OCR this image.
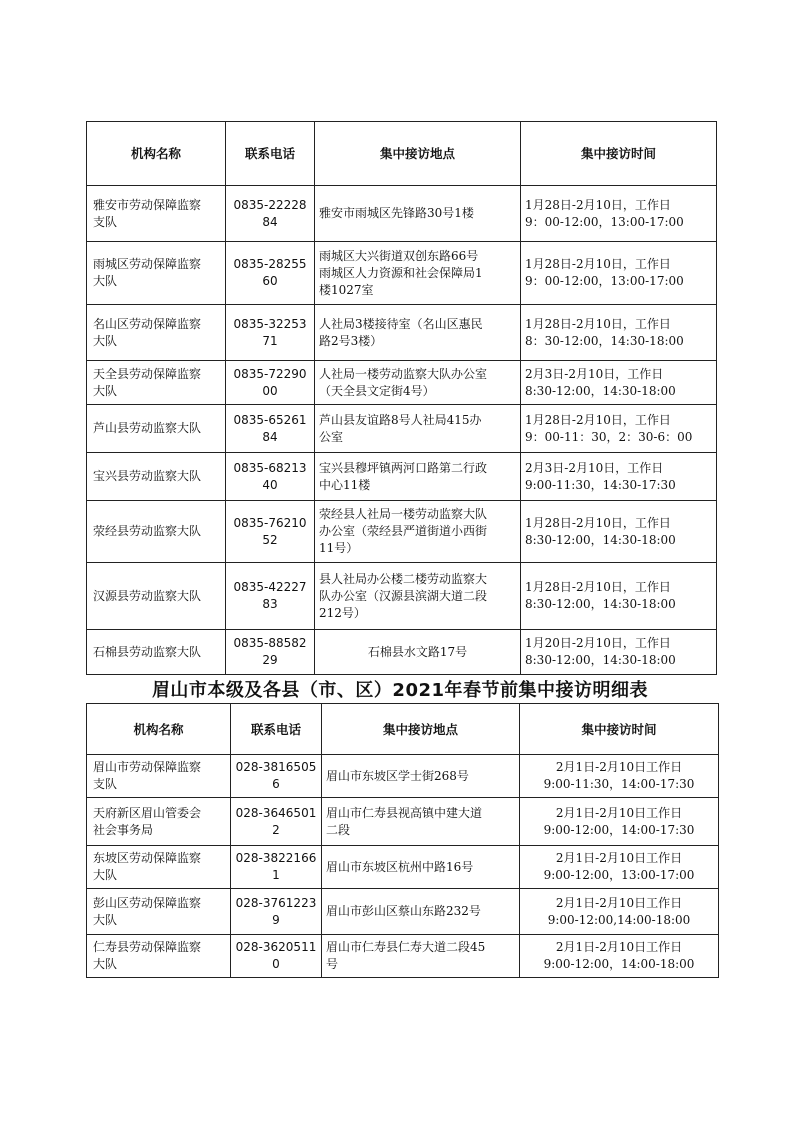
机构名称	联系电话	集中接访地点	集中接访时间

雅安市劳动保障监察
支队	0835-2222884	雅安市雨城区先锋路30号1楼	1月28日-2月10日，工作日
9：00-12:00，13:00-17:00

雨城区劳动保障监察
大队	0835-2825560	雨城区大兴街道双创东路66号
雨城区人力资源和社会保障局1
楼1027室	1月28日-2月10日，工作日
9：00-12:00，13:00-17:00

名山区劳动保障监察
大队	0835-3225371	人社局3楼接待室（名山区惠民
路2号3楼）	1月28日-2月10日，工作日
8：30-12:00，14:30-18:00

天全县劳动保障监察
大队	0835-7229000	人社局一楼劳动监察大队办公室
（天全县文定街4号）	2月3日-2月10日，工作日
8:30-12:00，14:30-18:00

芦山县劳动监察大队	0835-6526184	芦山县友谊路8号人社局415办
公室	1月28日-2月10日，工作日
9：00-11：30，2：30-6：00

宝兴县劳动监察大队	0835-6821340	宝兴县穆坪镇两河口路第二行政
中心11楼	2月3日-2月10日，工作日
9:00-11:30，14:30-17:30

荥经县劳动监察大队	0835-7621052	荥经县人社局一楼劳动监察大队
办公室（荥经县严道街道小西街
11号）	1月28日-2月10日，工作日
8:30-12:00，14:30-18:00

汉源县劳动监察大队	0835-4222783	县人社局办公楼二楼劳动监察大
队办公室（汉源县滨湖大道二段
212号）	1月28日-2月10日，工作日
8:30-12:00，14:30-18:00

石棉县劳动监察大队	0835-8858229	石棉县水文路17号	1月20日-2月10日，工作日
8:30-12:00，14:30-18:00
眉山市本级及各县（市、区）2021年春节前集中接访明细表
机构名称	联系电话	集中接访地点	集中接访时间

眉山市劳动保障监察
支队	028-38165056	眉山市东坡区学士街268号	2月1日-2月10日工作日
9:00-11:30，14:00-17:30

天府新区眉山管委会
社会事务局	028-36465012	眉山市仁寿县视高镇中建大道
二段	2月1日-2月10日工作日
9:00-12:00，14:00-17:30

东坡区劳动保障监察
大队	028-38221661	眉山市东坡区杭州中路16号	2月1日-2月10日工作日
9:00-12:00，13:00-17:00

彭山区劳动保障监察
大队	028-37612239	眉山市彭山区蔡山东路232号	2月1日-2月10日工作日
9:00-12:00,14:00-18:00

仁寿县劳动保障监察
大队	028-36205110	眉山市仁寿县仁寿大道二段45
号	2月1日-2月10日工作日
9:00-12:00，14:00-18:00
